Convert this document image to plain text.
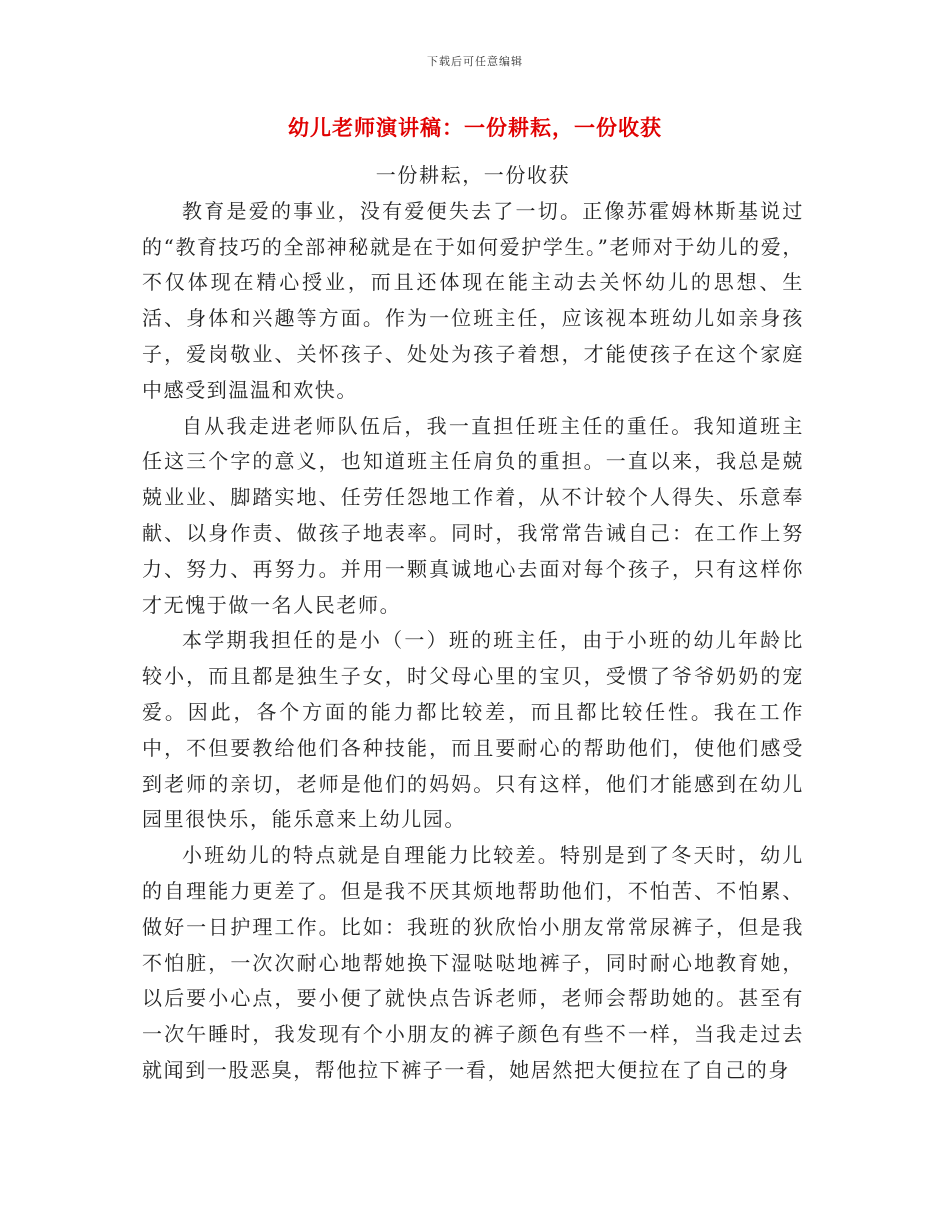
下载后可任意编辑
幼儿老师演讲稿：一份耕耘，一份收获

一份耕耘，一份收获

教育是爱的事业，没有爱便失去了一切。正像苏霍姆林斯基说过的“教育技巧的全部神秘就是在于如何爱护学生。”老师对于幼儿的爱，不仅体现在精心授业，而且还体现在能主动去关怀幼儿的思想、生活、身体和兴趣等方面。作为一位班主任，应该视本班幼儿如亲身孩子，爱岗敬业、关怀孩子、处处为孩子着想，才能使孩子在这个家庭中感受到温温和欢快。

自从我走进老师队伍后，我一直担任班主任的重任。我知道班主任这三个字的意义，也知道班主任肩负的重担。一直以来，我总是兢兢业业、脚踏实地、任劳任怨地工作着，从不计较个人得失、乐意奉献、以身作责、做孩子地表率。同时，我常常告诫自己：在工作上努力、努力、再努力。并用一颗真诚地心去面对每个孩子，只有这样你才无愧于做一名人民老师。

本学期我担任的是小（一）班的班主任，由于小班的幼儿年龄比较小，而且都是独生子女，时父母心里的宝贝，受惯了爷爷奶奶的宠爱。因此，各个方面的能力都比较差，而且都比较任性。我在工作中，不但要教给他们各种技能，而且要耐心的帮助他们，使他们感受到老师的亲切，老师是他们的妈妈。只有这样，他们才能感到在幼儿园里很快乐，能乐意来上幼儿园。

小班幼儿的特点就是自理能力比较差。特别是到了冬天时，幼儿的自理能力更差了。但是我不厌其烦地帮助他们，不怕苦、不怕累、做好一日护理工作。比如：我班的狄欣怡小朋友常常尿裤子，但是我不怕脏，一次次耐心地帮她换下湿哒哒地裤子，同时耐心地教育她，以后要小心点，要小便了就快点告诉老师，老师会帮助她的。甚至有一次午睡时，我发现有个小朋友的裤子颜色有些不一样，当我走过去就闻到一股恶臭，帮他拉下裤子一看，她居然把大便拉在了自己的身
